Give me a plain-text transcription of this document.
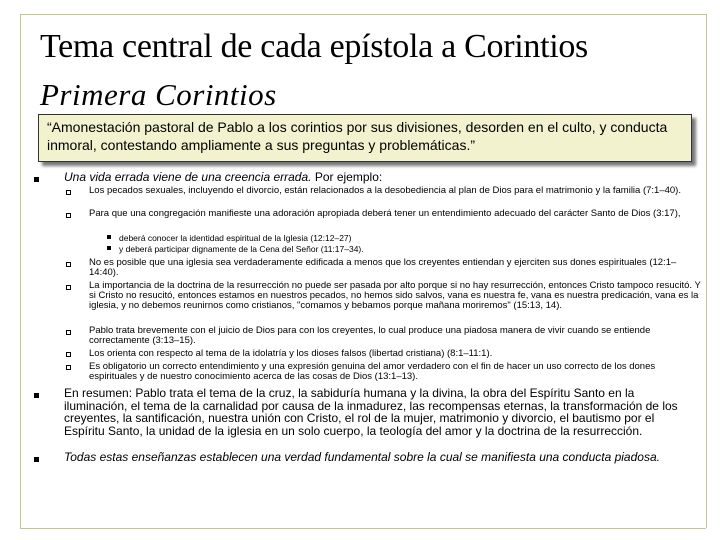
Tema central de cada epístola a Corintios
Primera Corintios
“Amonestación pastoral de Pablo a los corintios por sus divisiones, desorden en el culto, y conducta inmoral, contestando ampliamente a sus preguntas y problemáticas.”
Una vida errada viene de una creencia errada. Por ejemplo:
Los pecados sexuales, incluyendo el divorcio, están relacionados a la desobediencia al plan de Dios para el matrimonio y la familia (7:1–40).
Para que una congregación manifieste una adoración apropiada deberá tener un entendimiento adecuado del carácter Santo de Dios (3:17),
deberá conocer la identidad espiritual de la Iglesia (12:12–27)
y deberá participar dignamente de la Cena del Señor (11:17–34).
No es posible que una iglesia sea verdaderamente edificada a menos que los creyentes entiendan y ejerciten sus dones espirituales (12:1–14:40).
La importancia de la doctrina de la resurrección no puede ser pasada por alto porque si no hay resurrección, entonces Cristo tampoco resucitó. Y si Cristo no resucitó, entonces estamos en nuestros pecados, no hemos sido salvos, vana es nuestra fe, vana es nuestra predicación, vana es la iglesia, y no debemos reunirnos como cristianos, "comamos y bebamos porque mañana moriremos" (15:13, 14).
Pablo trata brevemente con el juicio de Dios para con los creyentes, lo cual produce una piadosa manera de vivir cuando se entiende correctamente (3:13–15).
Los orienta con respecto al tema de la idolatría y los dioses falsos (libertad cristiana) (8:1–11:1).
Es obligatorio un correcto entendimiento y una expresión genuina del amor verdadero con el fin de hacer un uso correcto de los dones espirituales y de nuestro conocimiento acerca de las cosas de Dios (13:1–13).
En resumen: Pablo trata el tema de la cruz, la sabiduría humana y la divina, la obra del Espíritu Santo en la iluminación, el tema de la carnalidad por causa de la inmadurez, las recompensas eternas, la transformación de los creyentes, la santificación, nuestra unión con Cristo, el rol de la mujer, matrimonio y divorcio, el bautismo por el Espíritu Santo, la unidad de la iglesia en un solo cuerpo, la teología del amor y la doctrina de la resurrección.
Todas estas enseñanzas establecen una verdad fundamental sobre la cual se manifiesta una conducta piadosa.
